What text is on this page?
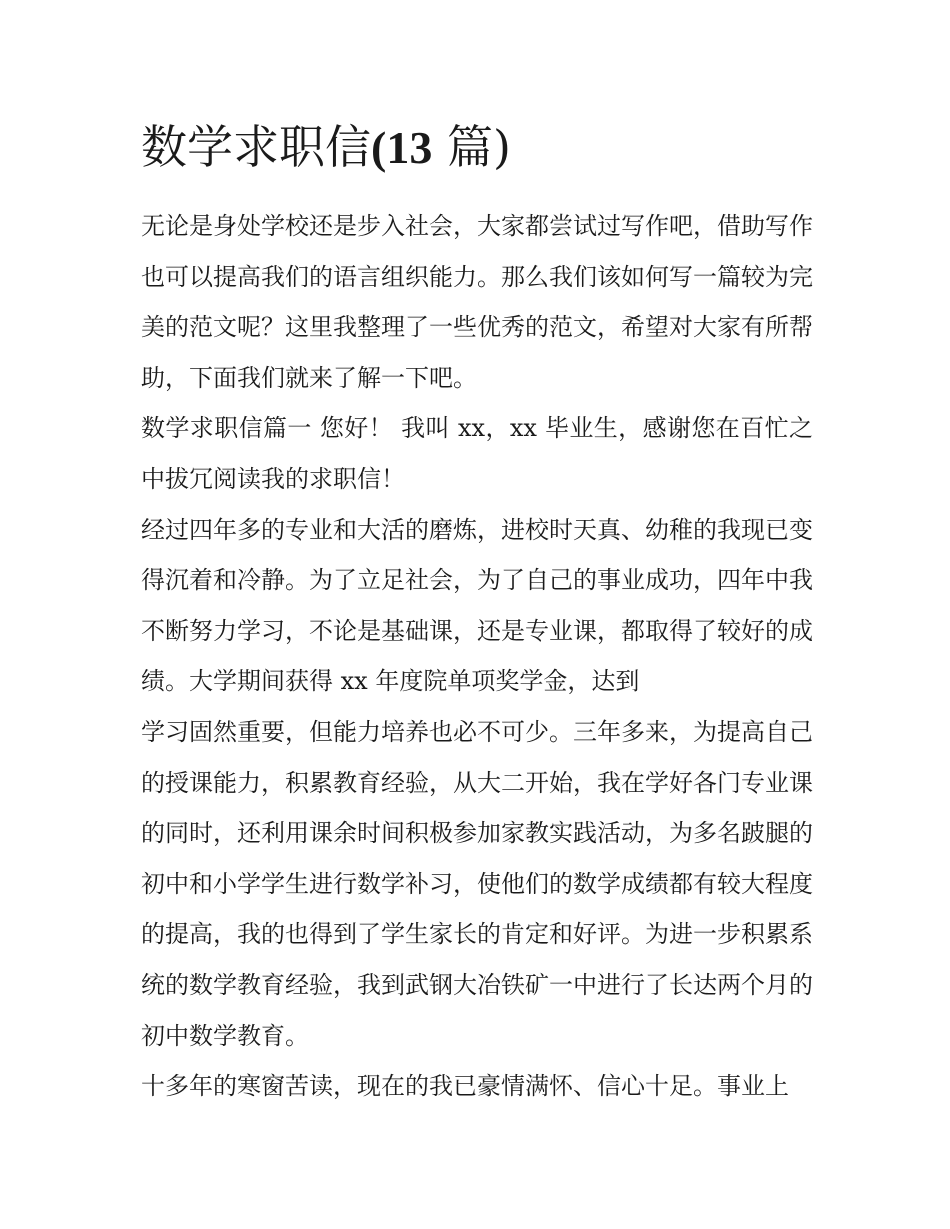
数学求职信(13 篇)

无论是身处学校还是步入社会，大家都尝试过写作吧，借助写作也可以提高我们的语言组织能力。那么我们该如何写一篇较为完美的范文呢？这里我整理了一些优秀的范文，希望对大家有所帮助，下面我们就来了解一下吧。

数学求职信篇一 您好！ 我叫 xx，xx 毕业生，感谢您在百忙之中拔冗阅读我的求职信！

经过四年多的专业和大活的磨炼，进校时天真、幼稚的我现已变得沉着和冷静。为了立足社会，为了自己的事业成功，四年中我不断努力学习，不论是基础课，还是专业课，都取得了较好的成绩。大学期间获得 xx 年度院单项奖学金，达到

学习固然重要，但能力培养也必不可少。三年多来，为提高自己的授课能力，积累教育经验，从大二开始，我在学好各门专业课的同时，还利用课余时间积极参加家教实践活动，为多名跛腿的初中和小学学生进行数学补习，使他们的数学成绩都有较大程度的提高，我的也得到了学生家长的肯定和好评。为进一步积累系统的数学教育经验，我到武钢大冶铁矿一中进行了长达两个月的初中数学教育。

十多年的寒窗苦读，现在的我已豪情满怀、信心十足。事业上
